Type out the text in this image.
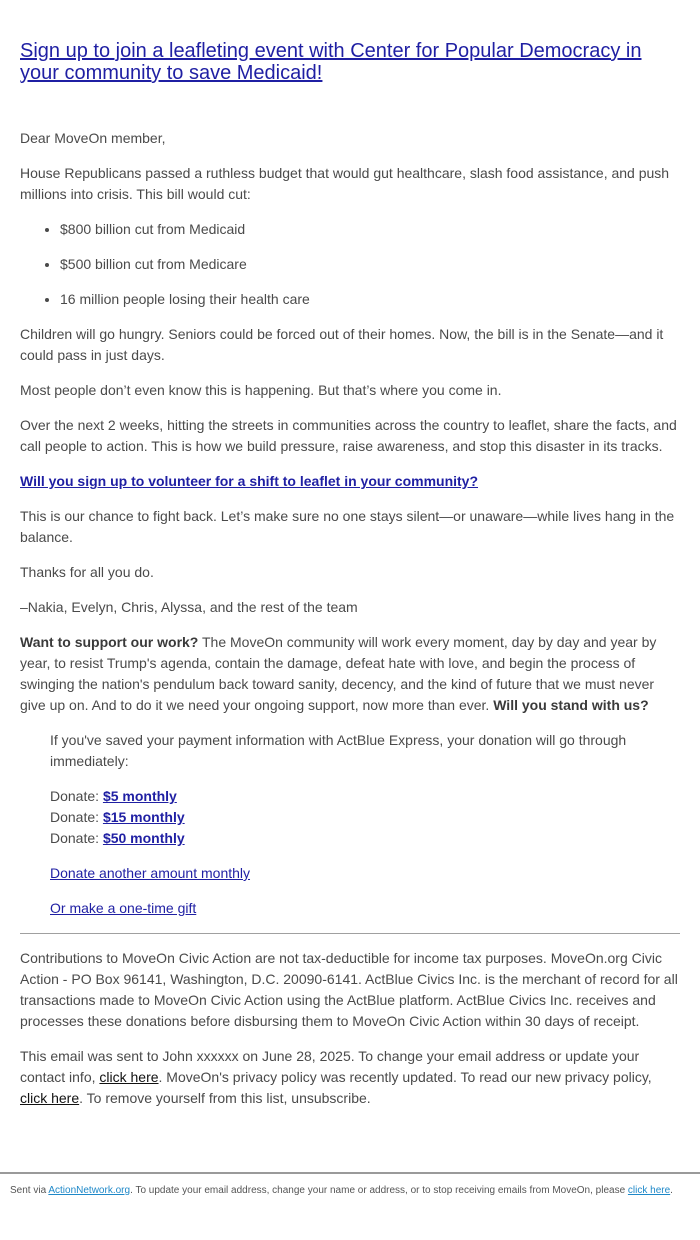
Sign up to join a leafleting event with Center for Popular Democracy in your community to save Medicaid!

Dear MoveOn member,

House Republicans passed a ruthless budget that would gut healthcare, slash food assistance, and push millions into crisis. This bill would cut:

• $800 billion cut from Medicaid
• $500 billion cut from Medicare
• 16 million people losing their health care

Children will go hungry. Seniors could be forced out of their homes. Now, the bill is in the Senate—and it could pass in just days.

Most people don’t even know this is happening. But that’s where you come in.

Over the next 2 weeks, hitting the streets in communities across the country to leaflet, share the facts, and call people to action. This is how we build pressure, raise awareness, and stop this disaster in its tracks.

Will you sign up to volunteer for a shift to leaflet in your community?

This is our chance to fight back. Let’s make sure no one stays silent—or unaware—while lives hang in the balance.

Thanks for all you do.

–Nakia, Evelyn, Chris, Alyssa, and the rest of the team

Want to support our work? The MoveOn community will work every moment, day by day and year by year, to resist Trump's agenda, contain the damage, defeat hate with love, and begin the process of swinging the nation's pendulum back toward sanity, decency, and the kind of future that we must never give up on. And to do it we need your ongoing support, now more than ever. Will you stand with us?

If you've saved your payment information with ActBlue Express, your donation will go through immediately:

Donate: $5 monthly
Donate: $15 monthly
Donate: $50 monthly

Donate another amount monthly

Or make a one-time gift

Contributions to MoveOn Civic Action are not tax-deductible for income tax purposes. MoveOn.org Civic Action - PO Box 96141, Washington, D.C. 20090-6141. ActBlue Civics Inc. is the merchant of record for all transactions made to MoveOn Civic Action using the ActBlue platform. ActBlue Civics Inc. receives and processes these donations before disbursing them to MoveOn Civic Action within 30 days of receipt.

This email was sent to John xxxxxx on June 28, 2025. To change your email address or update your contact info, click here. MoveOn's privacy policy was recently updated. To read our new privacy policy, click here. To remove yourself from this list, unsubscribe.

Sent via ActionNetwork.org. To update your email address, change your name or address, or to stop receiving emails from MoveOn, please click here.
